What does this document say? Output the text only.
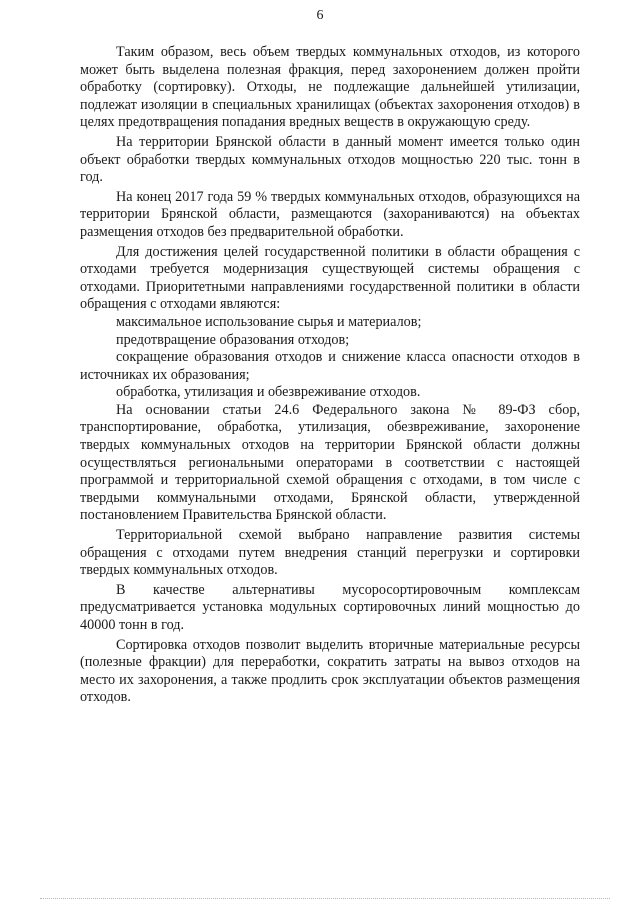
6

Таким образом, весь объем твердых коммунальных отходов, из которого может быть выделена полезная фракция, перед захоронением должен пройти обработку (сортировку). Отходы, не подлежащие дальнейшей утилизации, подлежат изоляции в специальных хранилищах (объектах захоронения отходов) в целях предотвращения попадания вредных веществ в окружающую среду.

На территории Брянской области в данный момент имеется только один объект обработки твердых коммунальных отходов мощностью 220 тыс. тонн в год.

На конец 2017 года 59 % твердых коммунальных отходов, образующихся на территории Брянской области, размещаются (захораниваются) на объектах размещения отходов без предварительной обработки.

Для достижения целей государственной политики в области обращения с отходами требуется модернизация существующей системы обращения с отходами. Приоритетными направлениями государственной политики в области обращения с отходами являются:

максимальное использование сырья и материалов;

предотвращение образования отходов;

сокращение образования отходов и снижение класса опасности отходов в источниках их образования;

обработка, утилизация и обезвреживание отходов.

На основании статьи 24.6 Федерального закона № 89-ФЗ сбор, транспортирование, обработка, утилизация, обезвреживание, захоронение твердых коммунальных отходов на территории Брянской области должны осуществляться региональными операторами в соответствии с настоящей программой и территориальной схемой обращения с отходами, в том числе с твердыми коммунальными отходами, Брянской области, утвержденной постановлением Правительства Брянской области.

Территориальной схемой выбрано направление развития системы обращения с отходами путем внедрения станций перегрузки и сортировки твердых коммунальных отходов.

В качестве альтернативы мусоросортировочным комплексам предусматривается установка модульных сортировочных линий мощностью до 40000 тонн в год.

Сортировка отходов позволит выделить вторичные материальные ресурсы (полезные фракции) для переработки, сократить затраты на вывоз отходов на место их захоронения, а также продлить срок эксплуатации объектов размещения отходов.
